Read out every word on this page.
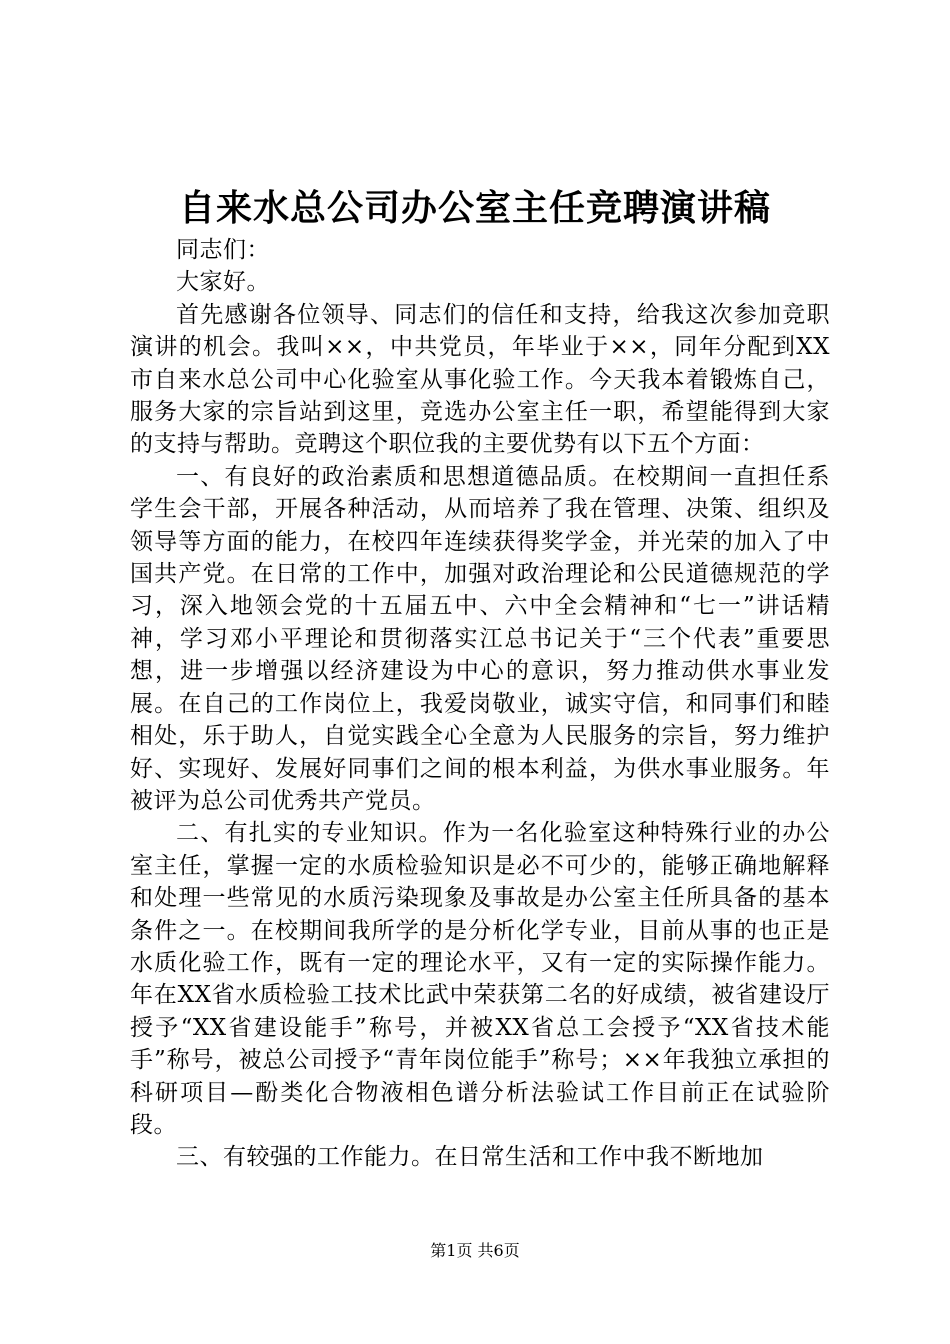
自来水总公司办公室主任竞聘演讲稿

同志们：

大家好。

首先感谢各位领导、同志们的信任和支持，给我这次参加竞职演讲的机会。我叫××，中共党员，年毕业于××，同年分配到XX市自来水总公司中心化验室从事化验工作。今天我本着锻炼自己，服务大家的宗旨站到这里，竞选办公室主任一职，希望能得到大家的支持与帮助。竞聘这个职位我的主要优势有以下五个方面：

一、有良好的政治素质和思想道德品质。在校期间一直担任系学生会干部，开展各种活动，从而培养了我在管理、决策、组织及领导等方面的能力，在校四年连续获得奖学金，并光荣的加入了中国共产党。在日常的工作中，加强对政治理论和公民道德规范的学习，深入地领会党的十五届五中、六中全会精神和“七一”讲话精神，学习邓小平理论和贯彻落实江总书记关于“三个代表”重要思想，进一步增强以经济建设为中心的意识，努力推动供水事业发展。在自己的工作岗位上，我爱岗敬业，诚实守信，和同事们和睦相处，乐于助人，自觉实践全心全意为人民服务的宗旨，努力维护好、实现好、发展好同事们之间的根本利益，为供水事业服务。年被评为总公司优秀共产党员。

二、有扎实的专业知识。作为一名化验室这种特殊行业的办公室主任，掌握一定的水质检验知识是必不可少的，能够正确地解释和处理一些常见的水质污染现象及事故是办公室主任所具备的基本条件之一。在校期间我所学的是分析化学专业，目前从事的也正是水质化验工作，既有一定的理论水平，又有一定的实际操作能力。年在XX省水质检验工技术比武中荣获第二名的好成绩，被省建设厅授予“XX省建设能手”称号，并被XX省总工会授予“XX省技术能手”称号，被总公司授予“青年岗位能手”称号；××年我独立承担的科研项目—酚类化合物液相色谱分析法验试工作目前正在试验阶段。

三、有较强的工作能力。在日常生活和工作中我不断地加

第1页 共6页
